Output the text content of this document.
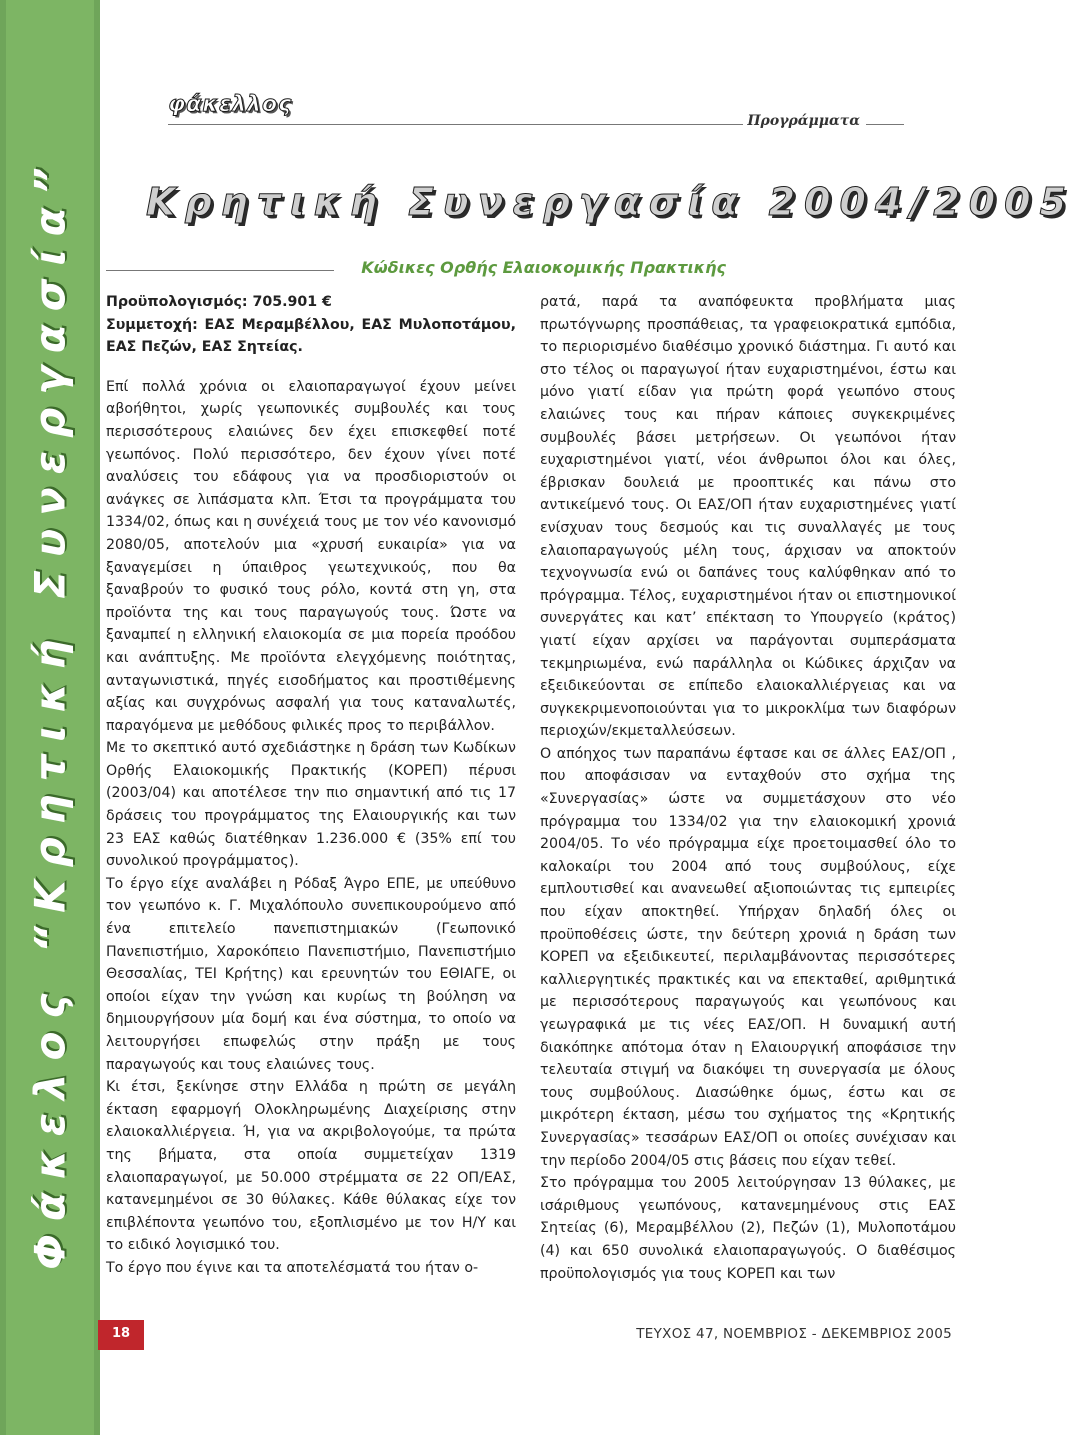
Φάκελος “Κρητική Συνεργασία”
φάκελλος
Προγράμματα
Κρητική Συνεργασία 2004/2005
Κώδικες Ορθής Ελαιοκομικής Πρακτικής
Προϋπολογισμός: 705.901 €
Συμμετοχή: ΕΑΣ Μεραμβέλλου, ΕΑΣ Μυλοποτάμου, ΕΑΣ Πεζών, ΕΑΣ Σητείας.

Επί πολλά χρόνια οι ελαιοπαραγωγοί έχουν μείνει αβοήθητοι, χωρίς γεωπονικές συμβουλές και τους περισσότερους ελαιώνες δεν έχει επισκεφθεί ποτέ γεωπόνος. Πολύ περισσότερο, δεν έχουν γίνει ποτέ αναλύσεις του εδάφους για να προσδιοριστούν οι ανάγκες σε λιπάσματα κλπ. Έτσι τα προγράμματα του 1334/02, όπως και η συνέχειά τους με τον νέο κανονισμό 2080/05, αποτελούν μια «χρυσή ευκαιρία» για να ξαναγεμίσει η ύπαιθρος γεωτεχνικούς, που θα ξαναβρούν το φυσικό τους ρόλο, κοντά στη γη, στα προϊόντα της και τους παραγωγούς τους. Ώστε να ξαναμπεί η ελληνική ελαιοκομία σε μια πορεία προόδου και ανάπτυξης. Με προϊόντα ελεγχόμενης ποιότητας, ανταγωνιστικά, πηγές εισοδήματος και προστιθέμενης αξίας και συγχρόνως ασφαλή για τους καταναλωτές, παραγόμενα με μεθόδους φιλικές προς το περιβάλλον.

Με το σκεπτικό αυτό σχεδιάστηκε η δράση των Κωδίκων Ορθής Ελαιοκομικής Πρακτικής (ΚΟΡΕΠ) πέρυσι (2003/04) και αποτέλεσε την πιο σημαντική από τις 17 δράσεις του προγράμματος της Ελαιουργικής και των 23 ΕΑΣ καθώς διατέθηκαν 1.236.000 € (35% επί του συνολικού προγράμματος).

Το έργο είχε αναλάβει η Ρόδαξ Άγρο ΕΠΕ, με υπεύθυνο τον γεωπόνο κ. Γ. Μιχαλόπουλο συνεπικουρούμενο από ένα επιτελείο πανεπιστημιακών (Γεωπονικό Πανεπιστήμιο, Χαροκόπειο Πανεπιστήμιο, Πανεπιστήμιο Θεσσαλίας, ΤΕΙ Κρήτης) και ερευνητών του ΕΘΙΑΓΕ, οι οποίοι είχαν την γνώση και κυρίως τη βούληση να δημιουργήσουν μία δομή και ένα σύστημα, το οποίο να λειτουργήσει επωφελώς στην πράξη με τους παραγωγούς και τους ελαιώνες τους.

Κι έτσι, ξεκίνησε στην Ελλάδα η πρώτη σε μεγάλη έκταση εφαρμογή Ολοκληρωμένης Διαχείρισης στην ελαιοκαλλιέργεια. Ή, για να ακριβολογούμε, τα πρώτα της βήματα, στα οποία συμμετείχαν 1319 ελαιοπαραγωγοί, με 50.000 στρέμματα σε 22 ΟΠ/ΕΑΣ, κατανεμημένοι σε 30 θύλακες. Κάθε θύλακας είχε τον επιβλέποντα γεωπόνο του, εξοπλισμένο με τον Η/Υ και το ειδικό λογισμικό του.

Το έργο που έγινε και τα αποτελέσματά του ήταν ο-

ρατά, παρά τα αναπόφευκτα προβλήματα μιας πρωτόγνωρης προσπάθειας, τα γραφειοκρατικά εμπόδια, το περιορισμένο διαθέσιμο χρονικό διάστημα. Γι αυτό και στο τέλος οι παραγωγοί ήταν ευχαριστημένοι, έστω και μόνο γιατί είδαν για πρώτη φορά γεωπόνο στους ελαιώνες τους και πήραν κάποιες συγκεκριμένες συμβουλές βάσει μετρήσεων. Οι γεωπόνοι ήταν ευχαριστημένοι γιατί, νέοι άνθρωποι όλοι και όλες, έβρισκαν δουλειά με προοπτικές και πάνω στο αντικείμενό τους. Οι ΕΑΣ/ΟΠ ήταν ευχαριστημένες γιατί ενίσχυαν τους δεσμούς και τις συναλλαγές με τους ελαιοπαραγωγούς μέλη τους, άρχισαν να αποκτούν τεχνογνωσία ενώ οι δαπάνες τους καλύφθηκαν από το πρόγραμμα. Τέλος, ευχαριστημένοι ήταν οι επιστημονικοί συνεργάτες και κατ’ επέκταση το Υπουργείο (κράτος) γιατί είχαν αρχίσει να παράγονται συμπεράσματα τεκμηριωμένα, ενώ παράλληλα οι Κώδικες άρχιζαν να εξειδικεύονται σε επίπεδο ελαιοκαλλιέργειας και να συγκεκριμενοποιούνται για το μικροκλίμα των διαφόρων περιοχών/εκμεταλλεύσεων.

Ο απόηχος των παραπάνω έφτασε και σε άλλες ΕΑΣ/ΟΠ , που αποφάσισαν να ενταχθούν στο σχήμα της «Συνεργασίας» ώστε να συμμετάσχουν στο νέο πρόγραμμα του 1334/02 για την ελαιοκομική χρονιά 2004/05. Το νέο πρόγραμμα είχε προετοιμασθεί όλο το καλοκαίρι του 2004 από τους συμβούλους, είχε εμπλουτισθεί και ανανεωθεί αξιοποιώντας τις εμπειρίες που είχαν αποκτηθεί. Υπήρχαν δηλαδή όλες οι προϋποθέσεις ώστε, την δεύτερη χρονιά η δράση των ΚΟΡΕΠ να εξειδικευτεί, περιλαμβάνοντας περισσότερες καλλιεργητικές πρακτικές και να επεκταθεί, αριθμητικά με περισσότερους παραγωγούς και γεωπόνους και γεωγραφικά με τις νέες ΕΑΣ/ΟΠ. Η δυναμική αυτή διακόπηκε απότομα όταν η Ελαιουργική αποφάσισε την τελευταία στιγμή να διακόψει τη συνεργασία με όλους τους συμβούλους. Διασώθηκε όμως, έστω και σε μικρότερη έκταση, μέσω του σχήματος της «Κρητικής Συνεργασίας» τεσσάρων ΕΑΣ/ΟΠ οι οποίες συνέχισαν και την περίοδο 2004/05 στις βάσεις που είχαν τεθεί.

Στο πρόγραμμα του 2005 λειτούργησαν 13 θύλακες, με ισάριθμους γεωπόνους, κατανεμημένους στις ΕΑΣ Σητείας (6), Μεραμβέλλου (2), Πεζών (1), Μυλοποτάμου (4) και 650 συνολικά ελαιοπαραγωγούς. Ο διαθέσιμος προϋπολογισμός για τους ΚΟΡΕΠ και των

18	ΤΕΥΧΟΣ 47, ΝΟΕΜΒΡΙΟΣ - ΔΕΚΕΜΒΡΙΟΣ 2005
